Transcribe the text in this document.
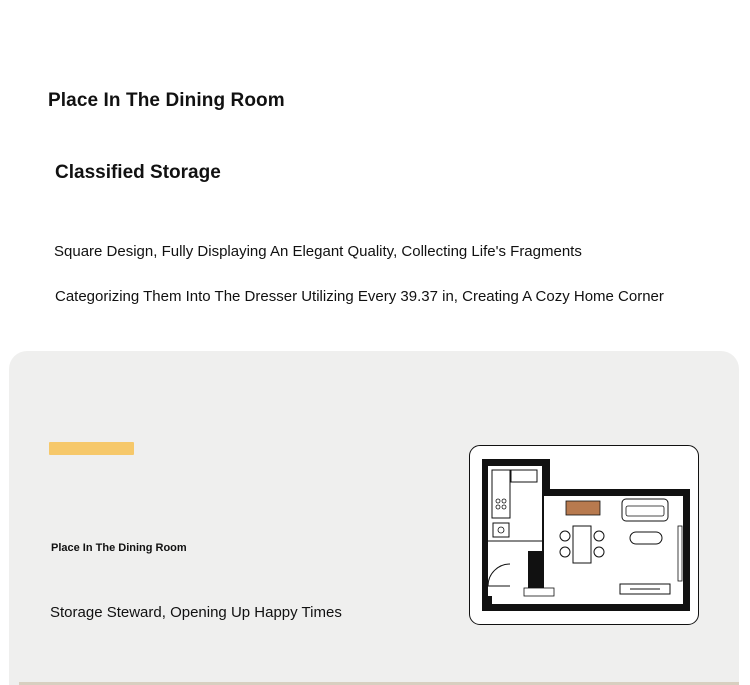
Place In The Dining Room
Classified Storage
Square Design, Fully Displaying An Elegant Quality, Collecting Life's Fragments
Categorizing Them Into The Dresser Utilizing Every 39.37 in, Creating A Cozy Home Corner
Place In The Dining Room
Storage Steward, Opening Up Happy Times
